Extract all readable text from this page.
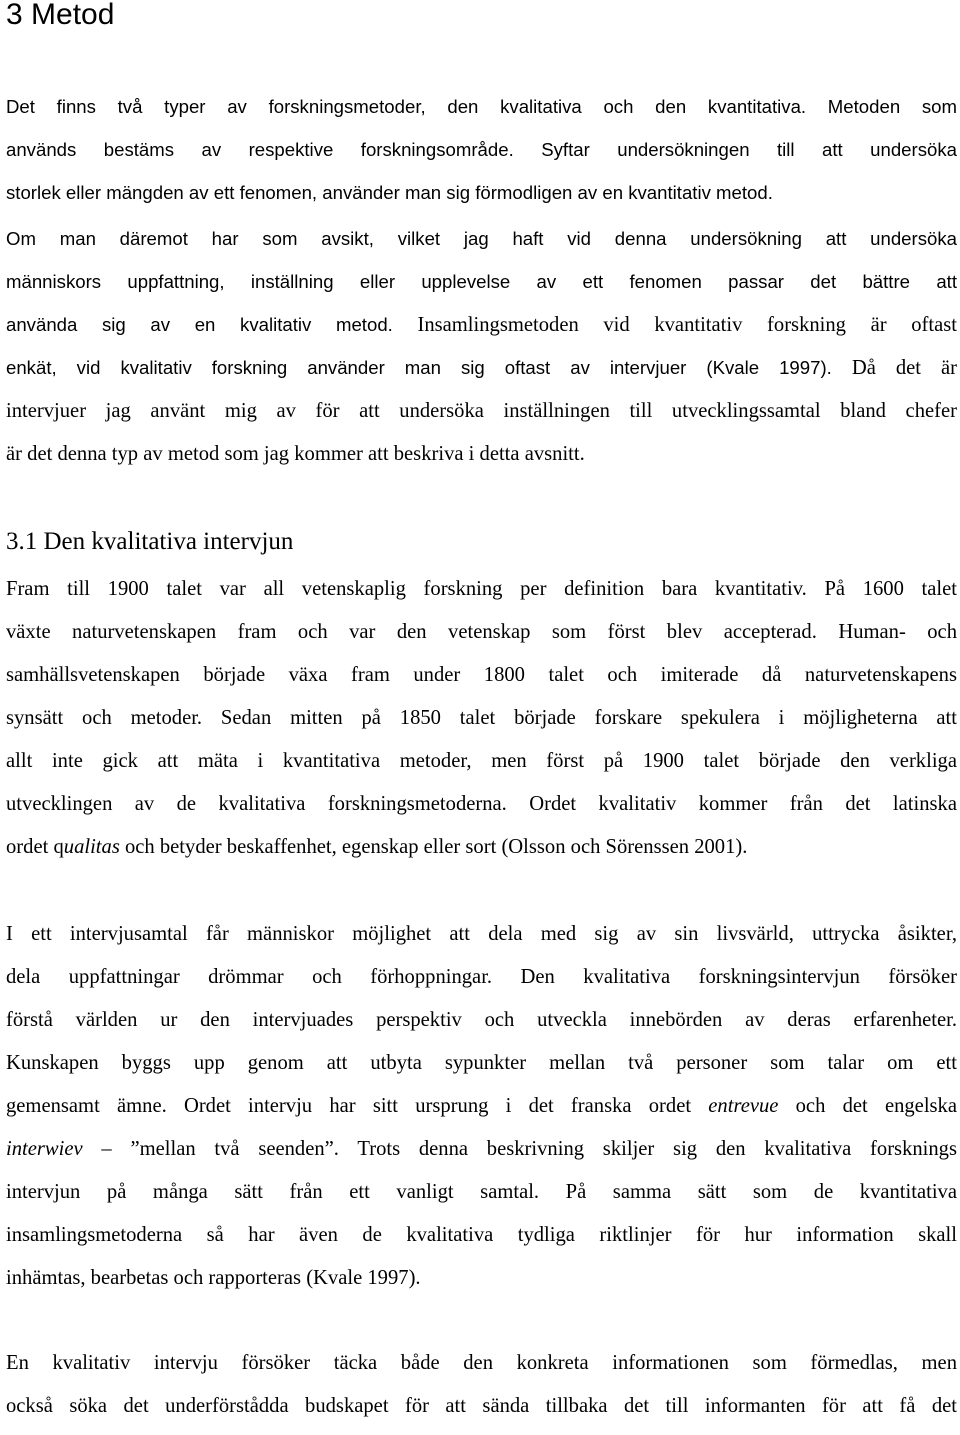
3 Metod
Det finns två typer av forskningsmetoder, den kvalitativa och den kvantitativa. Metoden som
används bestäms av respektive forskningsområde. Syftar undersökningen till att undersöka
storlek eller mängden av ett fenomen, använder man sig förmodligen av en kvantitativ metod.
Om man däremot har som avsikt, vilket jag haft vid denna undersökning att undersöka
människors uppfattning, inställning eller upplevelse av ett fenomen passar det bättre att
använda sig av en kvalitativ metod. Insamlingsmetoden vid kvantitativ forskning är oftast
enkät, vid kvalitativ forskning använder man sig oftast av intervjuer (Kvale 1997). Då det är
intervjuer jag använt mig av för att undersöka inställningen till utvecklingssamtal bland chefer
är det denna typ av metod som jag kommer att beskriva i detta avsnitt.
3.1 Den kvalitativa intervjun
Fram till 1900 talet var all vetenskaplig forskning per definition bara kvantitativ. På 1600 talet
växte naturvetenskapen fram och var den vetenskap som först blev accepterad. Human- och
samhällsvetenskapen började växa fram under 1800 talet och imiterade då naturvetenskapens
synsätt och metoder. Sedan mitten på 1850 talet började forskare spekulera i möjligheterna att
allt inte gick att mäta i kvantitativa metoder, men först på 1900 talet började den verkliga
utvecklingen av de kvalitativa forskningsmetoderna. Ordet kvalitativ kommer från det latinska
ordet qualitas och betyder beskaffenhet, egenskap eller sort (Olsson och Sörenssen 2001).
I ett intervjusamtal får människor möjlighet att dela med sig av sin livsvärld, uttrycka åsikter,
dela uppfattningar drömmar och förhoppningar. Den kvalitativa forskningsintervjun försöker
förstå världen ur den intervjuades perspektiv och utveckla innebörden av deras erfarenheter.
Kunskapen byggs upp genom att utbyta sypunkter mellan två personer som talar om ett
gemensamt ämne. Ordet intervju har sitt ursprung i det franska ordet entrevue och det engelska
interwiev – ”mellan två seenden”. Trots denna beskrivning skiljer sig den kvalitativa forsknings
intervjun på många sätt från ett vanligt samtal. På samma sätt som de kvantitativa
insamlingsmetoderna så har även de kvalitativa tydliga riktlinjer för hur information skall
inhämtas, bearbetas och rapporteras (Kvale 1997).
En kvalitativ intervju försöker täcka både den konkreta informationen som förmedlas, men
också söka det underförstådda budskapet för att sända tillbaka det till informanten för att få det
